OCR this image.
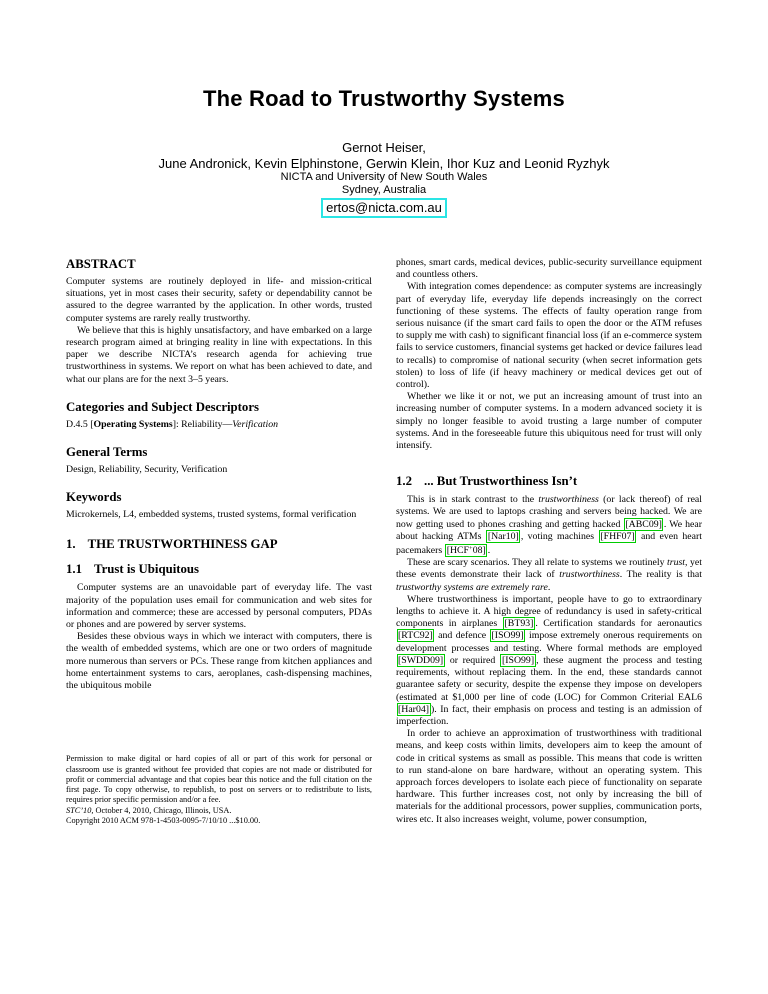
The Road to Trustworthy Systems
Gernot Heiser,
June Andronick, Kevin Elphinstone, Gerwin Klein, Ihor Kuz and Leonid Ryzhyk
NICTA and University of New South Wales
Sydney, Australia
ertos@nicta.com.au
ABSTRACT

Computer systems are routinely deployed in life- and mission-critical situations, yet in most cases their security, safety or dependability cannot be assured to the degree warranted by the application. In other words, trusted computer systems are rarely really trustworthy.

We believe that this is highly unsatisfactory, and have embarked on a large research program aimed at bringing reality in line with expectations. In this paper we describe NICTA’s research agenda for achieving true trustworthiness in systems. We report on what has been achieved to date, and what our plans are for the next 3–5 years.

Categories and Subject Descriptors

D.4.5 [Operating Systems]: Reliability—Verification

General Terms

Design, Reliability, Security, Verification

Keywords

Microkernels, L4, embedded systems, trusted systems, formal verification

1. THE TRUSTWORTHINESS GAP
1.1 Trust is Ubiquitous

Computer systems are an unavoidable part of everyday life. The vast majority of the population uses email for communication and web sites for information and commerce; these are accessed by personal computers, PDAs or phones and are powered by server systems.

Besides these obvious ways in which we interact with computers, there is the wealth of embedded systems, which are one or two orders of magnitude more numerous than servers or PCs. These range from kitchen appliances and home entertainment systems to cars, aeroplanes, cash-dispensing machines, the ubiquitous mobile

Permission to make digital or hard copies of all or part of this work for personal or classroom use is granted without fee provided that copies are not made or distributed for profit or commercial advantage and that copies bear this notice and the full citation on the first page. To copy otherwise, to republish, to post on servers or to redistribute to lists, requires prior specific permission and/or a fee.

STC’10, October 4, 2010, Chicago, Illinois, USA.

Copyright 2010 ACM 978-1-4503-0095-7/10/10 ...$10.00.

phones, smart cards, medical devices, public-security surveillance equipment and countless others.

With integration comes dependence: as computer systems are increasingly part of everyday life, everyday life depends increasingly on the correct functioning of these systems. The effects of faulty operation range from serious nuisance (if the smart card fails to open the door or the ATM refuses to supply me with cash) to significant financial loss (if an e-commerce system fails to service customers, financial systems get hacked or device failures lead to recalls) to compromise of national security (when secret information gets stolen) to loss of life (if heavy machinery or medical devices get out of control).

Whether we like it or not, we put an increasing amount of trust into an increasing number of computer systems. In a modern advanced society it is simply no longer feasible to avoid trusting a large number of computer systems. And in the foreseeable future this ubiquitous need for trust will only intensify.

1.2 ... But Trustworthiness Isn’t

This is in stark contrast to the trustworthiness (or lack thereof) of real systems. We are used to laptops crashing and servers being hacked. We are now getting used to phones crashing and getting hacked [ABC09] . We hear about hacking ATMs [Nar10] , voting machines [FHF07] and even heart pacemakers [HCF+08] .

These are scary scenarios. They all relate to systems we routinely trust, yet these events demonstrate their lack of trustworthiness. The reality is that trustworthy systems are extremely rare.

Where trustworthiness is important, people have to go to extraordinary lengths to achieve it. A high degree of redundancy is used in safety-critical components in airplanes [BT93] . Certification standards for aeronautics [RTC92] and defence [ISO99] impose extremely onerous requirements on development processes and testing. Where formal methods are employed [SWDD09] or required [ISO99] , these augment the process and testing requirements, without replacing them. In the end, these standards cannot guarantee safety or security, despite the expense they impose on developers (estimated at $1,000 per line of code (LOC) for Common Criterial EAL6 [Har04] ). In fact, their emphasis on process and testing is an admission of imperfection.

In order to achieve an approximation of trustworthiness with traditional means, and keep costs within limits, developers aim to keep the amount of code in critical systems as small as possible. This means that code is written to run stand-alone on bare hardware, without an operating system. This approach forces developers to isolate each piece of functionality on separate hardware. This further increases cost, not only by increasing the bill of materials for the additional processors, power supplies, communication ports, wires etc. It also increases weight, volume, power consumption,
